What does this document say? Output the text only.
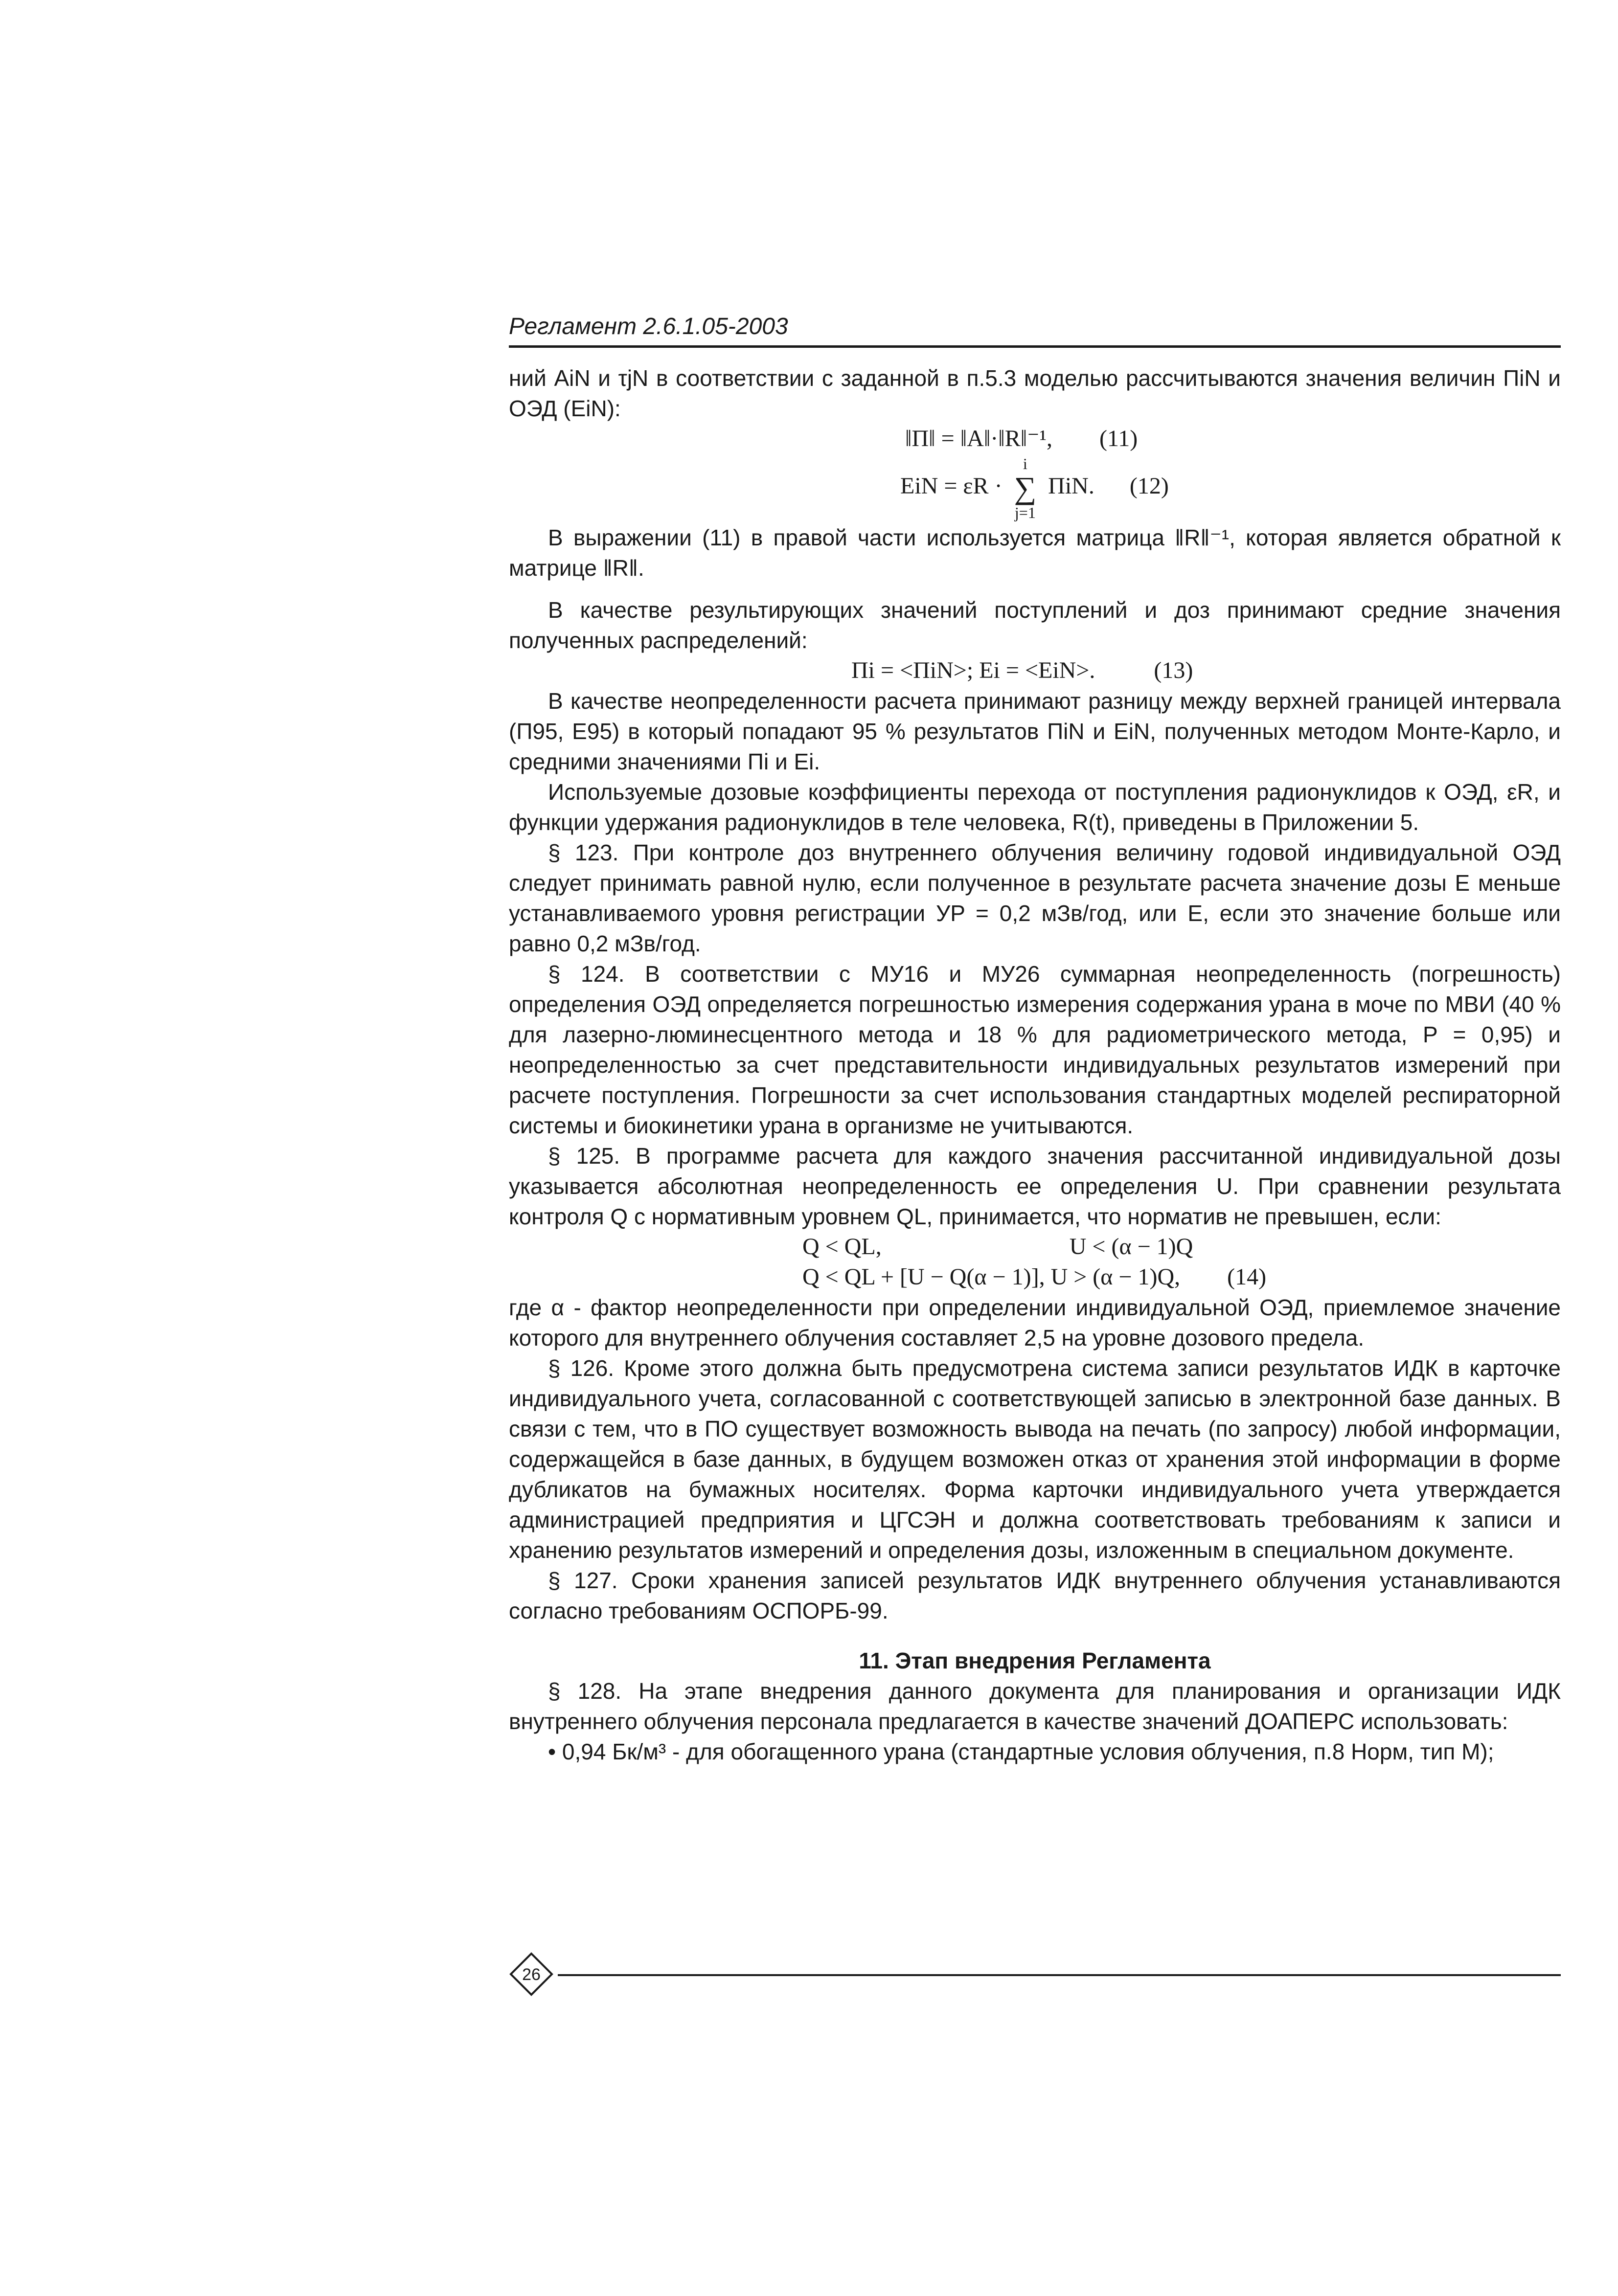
Регламент 2.6.1.05-2003

ний AiN и τjN в соответствии с заданной в п.5.3 моделью рассчитываются значения величин ПiN и ОЭД (EiN):

‖П‖ = ‖A‖·‖R‖⁻¹, (11)

EiN = εR · i
∑
j=1 ПiN. (12)

В выражении (11) в правой части используется матрица ‖R‖⁻¹, которая является обратной к матрице ‖R‖.

В качестве результирующих значений поступлений и доз принимают средние значения полученных распределений:

Пi = <ПiN>; Ei = <EiN>.	(13)

В качестве неопределенности расчета принимают разницу между верхней границей интервала (П95, E95) в который попадают 95 % результатов ПiN и EiN, полученных методом Монте-Карло, и средними значениями Пi и Ei.

Используемые дозовые коэффициенты перехода от поступления радионуклидов к ОЭД, εR, и функции удержания радионуклидов в теле человека, R(t), приведены в Приложении 5.

§ 123. При контроле доз внутреннего облучения величину годовой индивидуальной ОЭД следует принимать равной нулю, если полученное в результате расчета значение дозы E меньше устанавливаемого уровня регистрации УP = 0,2 мЗв/год, или E, если это значение больше или равно 0,2 мЗв/год.

§ 124. В соответствии с МУ16 и МУ26 суммарная неопределенность (погрешность) определения ОЭД определяется погрешностью измерения содержания урана в моче по МВИ (40 % для лазерно-люминесцентного метода и 18 % для радиометрического метода, P = 0,95) и неопределенностью за счет представительности индивидуальных результатов измерений при расчете поступления. Погрешности за счет использования стандартных моделей респираторной системы и биокинетики урана в организме не учитываются.

§ 125. В программе расчета для каждого значения рассчитанной индивидуальной дозы указывается абсолютная неопределенность ее определения U. При сравнении результата контроля Q с нормативным уровнем QL, принимается, что норматив не превышен, если:

Q < QL,	U < (α − 1)Q
Q < QL + [U − Q(α − 1)], U > (α − 1)Q, (14)

где α - фактор неопределенности при определении индивидуальной ОЭД, приемлемое значение которого для внутреннего облучения составляет 2,5 на уровне дозового предела.

§ 126. Кроме этого должна быть предусмотрена система записи результатов ИДК в карточке индивидуального учета, согласованной с соответствующей записью в электронной базе данных. В связи с тем, что в ПО существует возможность вывода на печать (по запросу) любой информации, содержащейся в базе данных, в будущем возможен отказ от хранения этой информации в форме дубликатов на бумажных носителях. Форма карточки индивидуального учета утверждается администрацией предприятия и ЦГСЭН и должна соответствовать требованиям к записи и хранению результатов измерений и определения дозы, изложенным в специальном документе.

§ 127. Сроки хранения записей результатов ИДК внутреннего облучения устанавливаются согласно требованиям ОСПОРБ-99.

11. Этап внедрения Регламента

§ 128. На этапе внедрения данного документа для планирования и организации ИДК внутреннего облучения персонала предлагается в качестве значений ДОАПЕРС использовать:

• 0,94 Бк/м³ - для обогащенного урана (стандартные условия облучения, п.8 Норм, тип М);

26
